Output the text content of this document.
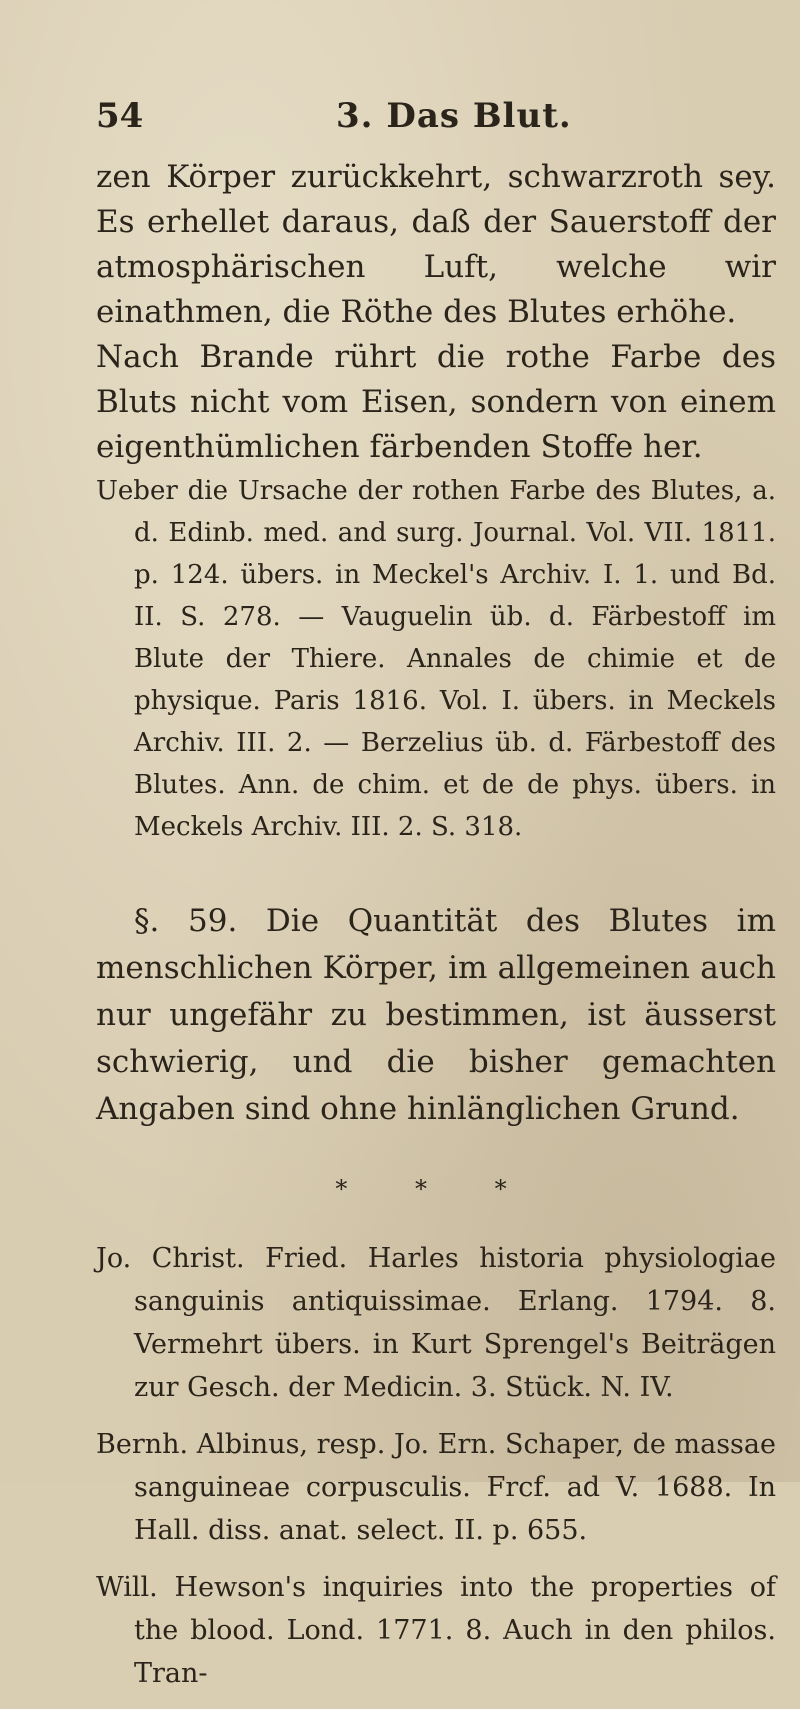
54	3. Das Blut.

zen Körper zurückkehrt, schwarzroth sey. Es erhellet daraus, daß der Sauerstoff der atmosphärischen Luft, welche wir einathmen, die Röthe des Blutes erhöhe.

Nach Brande rührt die rothe Farbe des Bluts nicht vom Eisen, sondern von einem eigenthümlichen färbenden Stoffe her.

Ueber die Ursache der rothen Farbe des Blutes, a. d. Edinb. med. and surg. Journal. Vol. VII. 1811. p. 124. übers. in Meckel's Archiv. I. 1. und Bd. II. S. 278. — Vauguelin üb. d. Färbestoff im Blute der Thiere. Annales de chimie et de physique. Paris 1816. Vol. I. übers. in Meckels Archiv. III. 2. — Berzelius üb. d. Färbestoff des Blutes. Ann. de chim. et de de phys. übers. in Meckels Archiv. III. 2. S. 318.

§. 59. Die Quantität des Blutes im menschlichen Körper, im allgemeinen auch nur ungefähr zu bestimmen, ist äusserst schwierig, und die bisher gemachten Angaben sind ohne hinlänglichen Grund.

* * *

Jo. Christ. Fried. Harles historia physiologiae sanguinis antiquissimae. Erlang. 1794. 8. Vermehrt übers. in Kurt Sprengel's Beiträgen zur Gesch. der Medicin. 3. Stück. N. IV.

Bernh. Albinus, resp. Jo. Ern. Schaper, de massae sanguineae corpusculis. Frcf. ad V. 1688. In Hall. diss. anat. select. II. p. 655.

Will. Hewson's inquiries into the properties of the blood. Lond. 1771. 8. Auch in den philos. Tran-
